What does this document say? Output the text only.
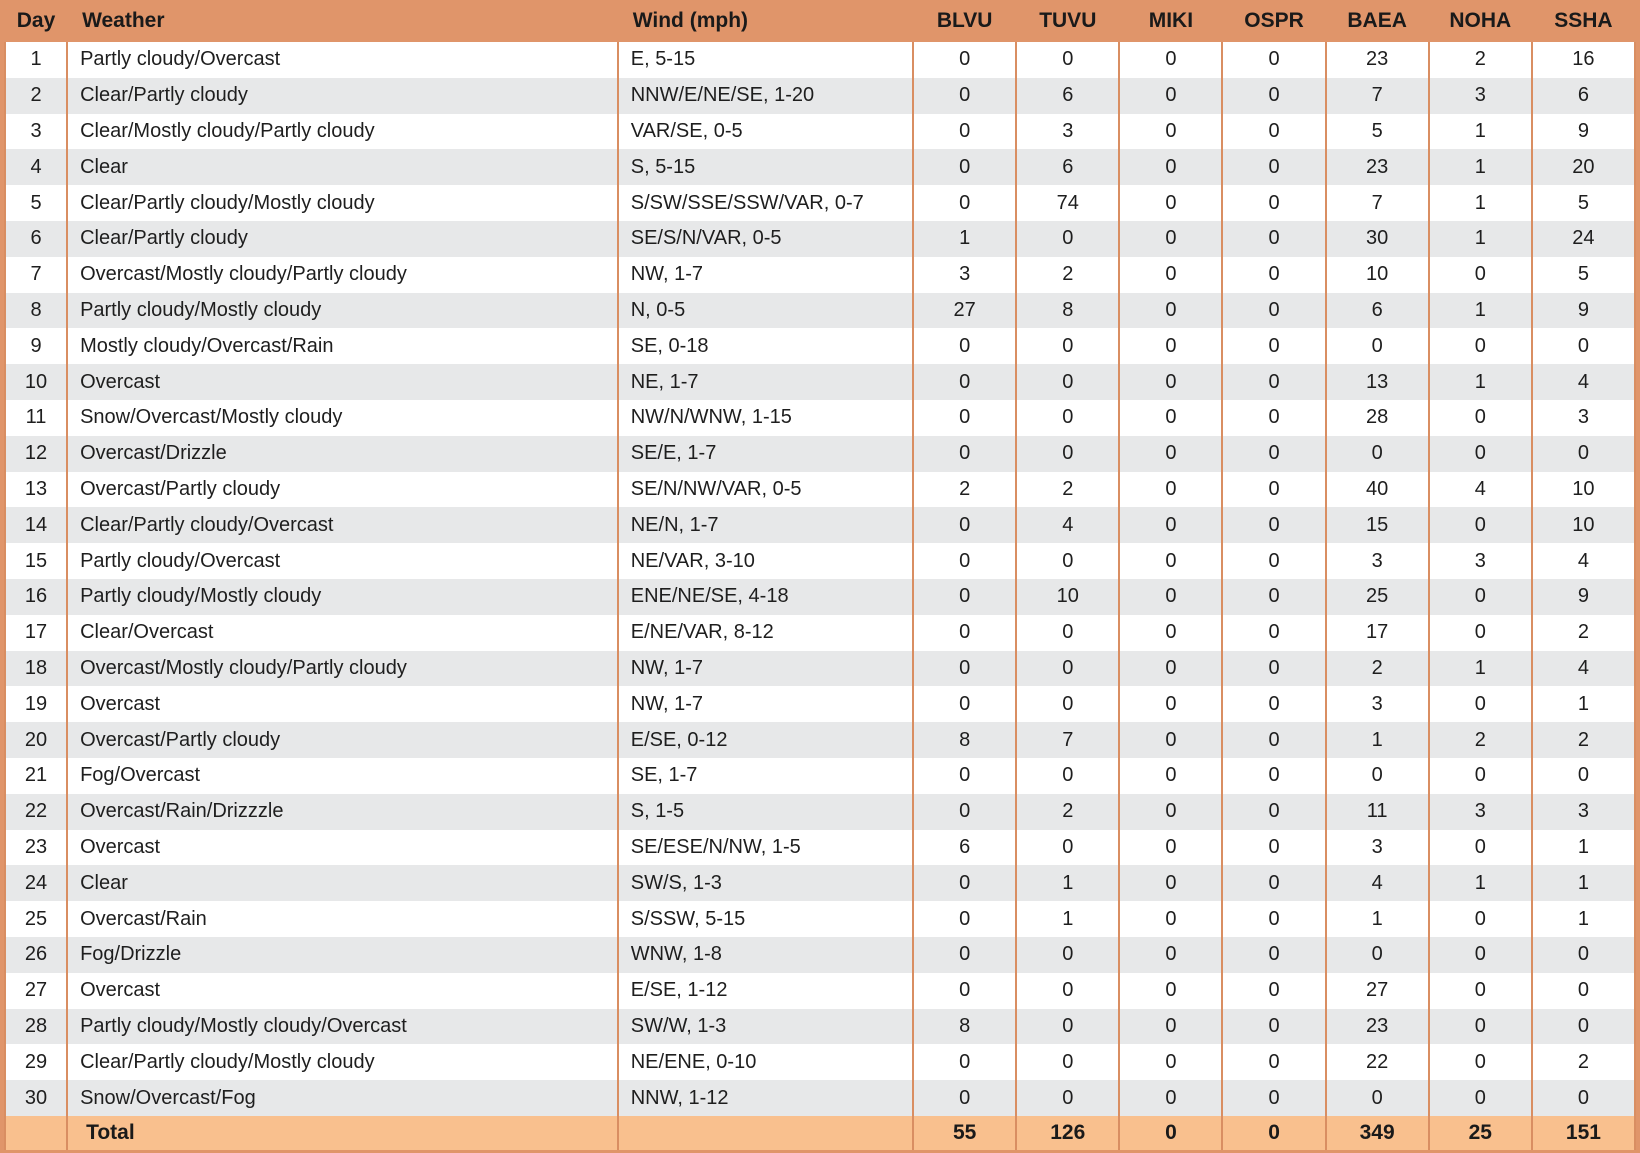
Day	Weather	Wind (mph)	BLVU	TUVU	MIKI	OSPR	BAEA	NOHA	SSHA
1	Partly cloudy/Overcast	E, 5-15	0	0	0	0	23	2	16
2	Clear/Partly cloudy	NNW/E/NE/SE, 1-20	0	6	0	0	7	3	6
3	Clear/Mostly cloudy/Partly cloudy	VAR/SE, 0-5	0	3	0	0	5	1	9
4	Clear	S, 5-15	0	6	0	0	23	1	20
5	Clear/Partly cloudy/Mostly cloudy	S/SW/SSE/SSW/VAR, 0-7	0	74	0	0	7	1	5
6	Clear/Partly cloudy	SE/S/N/VAR, 0-5	1	0	0	0	30	1	24
7	Overcast/Mostly cloudy/Partly cloudy	NW, 1-7	3	2	0	0	10	0	5
8	Partly cloudy/Mostly cloudy	N, 0-5	27	8	0	0	6	1	9
9	Mostly cloudy/Overcast/Rain	SE, 0-18	0	0	0	0	0	0	0
10	Overcast	NE, 1-7	0	0	0	0	13	1	4
11	Snow/Overcast/Mostly cloudy	NW/N/WNW, 1-15	0	0	0	0	28	0	3
12	Overcast/Drizzle	SE/E, 1-7	0	0	0	0	0	0	0
13	Overcast/Partly cloudy	SE/N/NW/VAR, 0-5	2	2	0	0	40	4	10
14	Clear/Partly cloudy/Overcast	NE/N, 1-7	0	4	0	0	15	0	10
15	Partly cloudy/Overcast	NE/VAR, 3-10	0	0	0	0	3	3	4
16	Partly cloudy/Mostly cloudy	ENE/NE/SE, 4-18	0	10	0	0	25	0	9
17	Clear/Overcast	E/NE/VAR, 8-12	0	0	0	0	17	0	2
18	Overcast/Mostly cloudy/Partly cloudy	NW, 1-7	0	0	0	0	2	1	4
19	Overcast	NW, 1-7	0	0	0	0	3	0	1
20	Overcast/Partly cloudy	E/SE, 0-12	8	7	0	0	1	2	2
21	Fog/Overcast	SE, 1-7	0	0	0	0	0	0	0
22	Overcast/Rain/Drizzzle	S, 1-5	0	2	0	0	11	3	3
23	Overcast	SE/ESE/N/NW, 1-5	6	0	0	0	3	0	1
24	Clear	SW/S, 1-3	0	1	0	0	4	1	1
25	Overcast/Rain	S/SSW, 5-15	0	1	0	0	1	0	1
26	Fog/Drizzle	WNW, 1-8	0	0	0	0	0	0	0
27	Overcast	E/SE, 1-12	0	0	0	0	27	0	0
28	Partly cloudy/Mostly cloudy/Overcast	SW/W, 1-3	8	0	0	0	23	0	0
29	Clear/Partly cloudy/Mostly cloudy	NE/ENE, 0-10	0	0	0	0	22	0	2
30	Snow/Overcast/Fog	NNW, 1-12	0	0	0	0	0	0	0
	Total		55	126	0	0	349	25	151
